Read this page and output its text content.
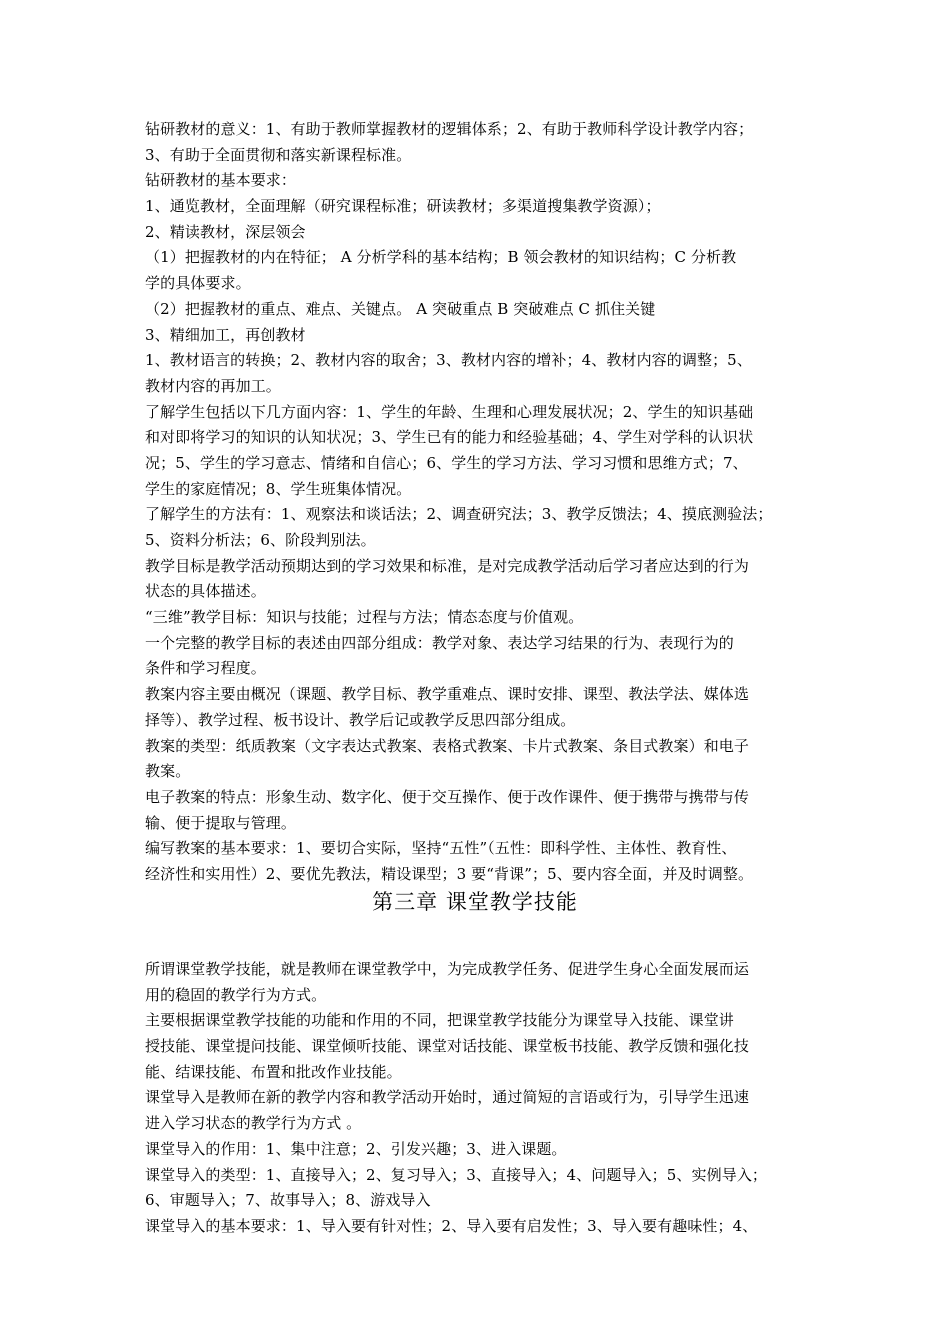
钻研教材的意义：1、有助于教师掌握教材的逻辑体系；2、有助于教师科学设计教学内容；
3、有助于全面贯彻和落实新课程标准。
钻研教材的基本要求：
1、通览教材，全面理解（研究课程标准；研读教材；多渠道搜集教学资源）；
2、精读教材，深层领会
（1）把握教材的内在特征； A 分析学科的基本结构；B 领会教材的知识结构；C 分析教
学的具体要求。
（2）把握教材的重点、难点、关键点。 A 突破重点 B 突破难点 C 抓住关键
3、精细加工，再创教材
1、教材语言的转换；2、教材内容的取舍；3、教材内容的增补；4、教材内容的调整；5、
教材内容的再加工。
了解学生包括以下几方面内容：1、学生的年龄、生理和心理发展状况；2、学生的知识基础
和对即将学习的知识的认知状况；3、学生已有的能力和经验基础；4、学生对学科的认识状
况；5、学生的学习意志、情绪和自信心；6、学生的学习方法、学习习惯和思维方式；7、
学生的家庭情况；8、学生班集体情况。
了解学生的方法有：1、观察法和谈话法；2、调查研究法；3、教学反馈法；4、摸底测验法；
5、资料分析法；6、阶段判别法。
教学目标是教学活动预期达到的学习效果和标准，是对完成教学活动后学习者应达到的行为
状态的具体描述。
“三维”教学目标：知识与技能；过程与方法；情态态度与价值观。
一个完整的教学目标的表述由四部分组成：教学对象、表达学习结果的行为、表现行为的
条件和学习程度。
教案内容主要由概况（课题、教学目标、教学重难点、课时安排、课型、教法学法、媒体选
择等）、教学过程、板书设计、教学后记或教学反思四部分组成。
教案的类型：纸质教案（文字表达式教案、表格式教案、卡片式教案、条目式教案）和电子
教案。
电子教案的特点：形象生动、数字化、便于交互操作、便于改作课件、便于携带与携带与传
输、便于提取与管理。
编写教案的基本要求：1、要切合实际，坚持“五性”（五性：即科学性、主体性、教育性、
经济性和实用性）2、要优先教法，精设课型；3 要“背课”；5、要内容全面，并及时调整。
第三章 课堂教学技能
所谓课堂教学技能，就是教师在课堂教学中，为完成教学任务、促进学生身心全面发展而运
用的稳固的教学行为方式。
主要根据课堂教学技能的功能和作用的不同，把课堂教学技能分为课堂导入技能、课堂讲
授技能、课堂提问技能、课堂倾听技能、课堂对话技能、课堂板书技能、教学反馈和强化技
能、结课技能、布置和批改作业技能。
课堂导入是教师在新的教学内容和教学活动开始时，通过简短的言语或行为，引导学生迅速
进入学习状态的教学行为方式 。
课堂导入的作用：1、集中注意；2、引发兴趣；3、进入课题。
课堂导入的类型：1、直接导入；2、复习导入；3、直接导入；4、问题导入；5、实例导入；
6、审题导入；7、故事导入；8、游戏导入
课堂导入的基本要求：1、导入要有针对性；2、导入要有启发性；3、导入要有趣味性；4、
